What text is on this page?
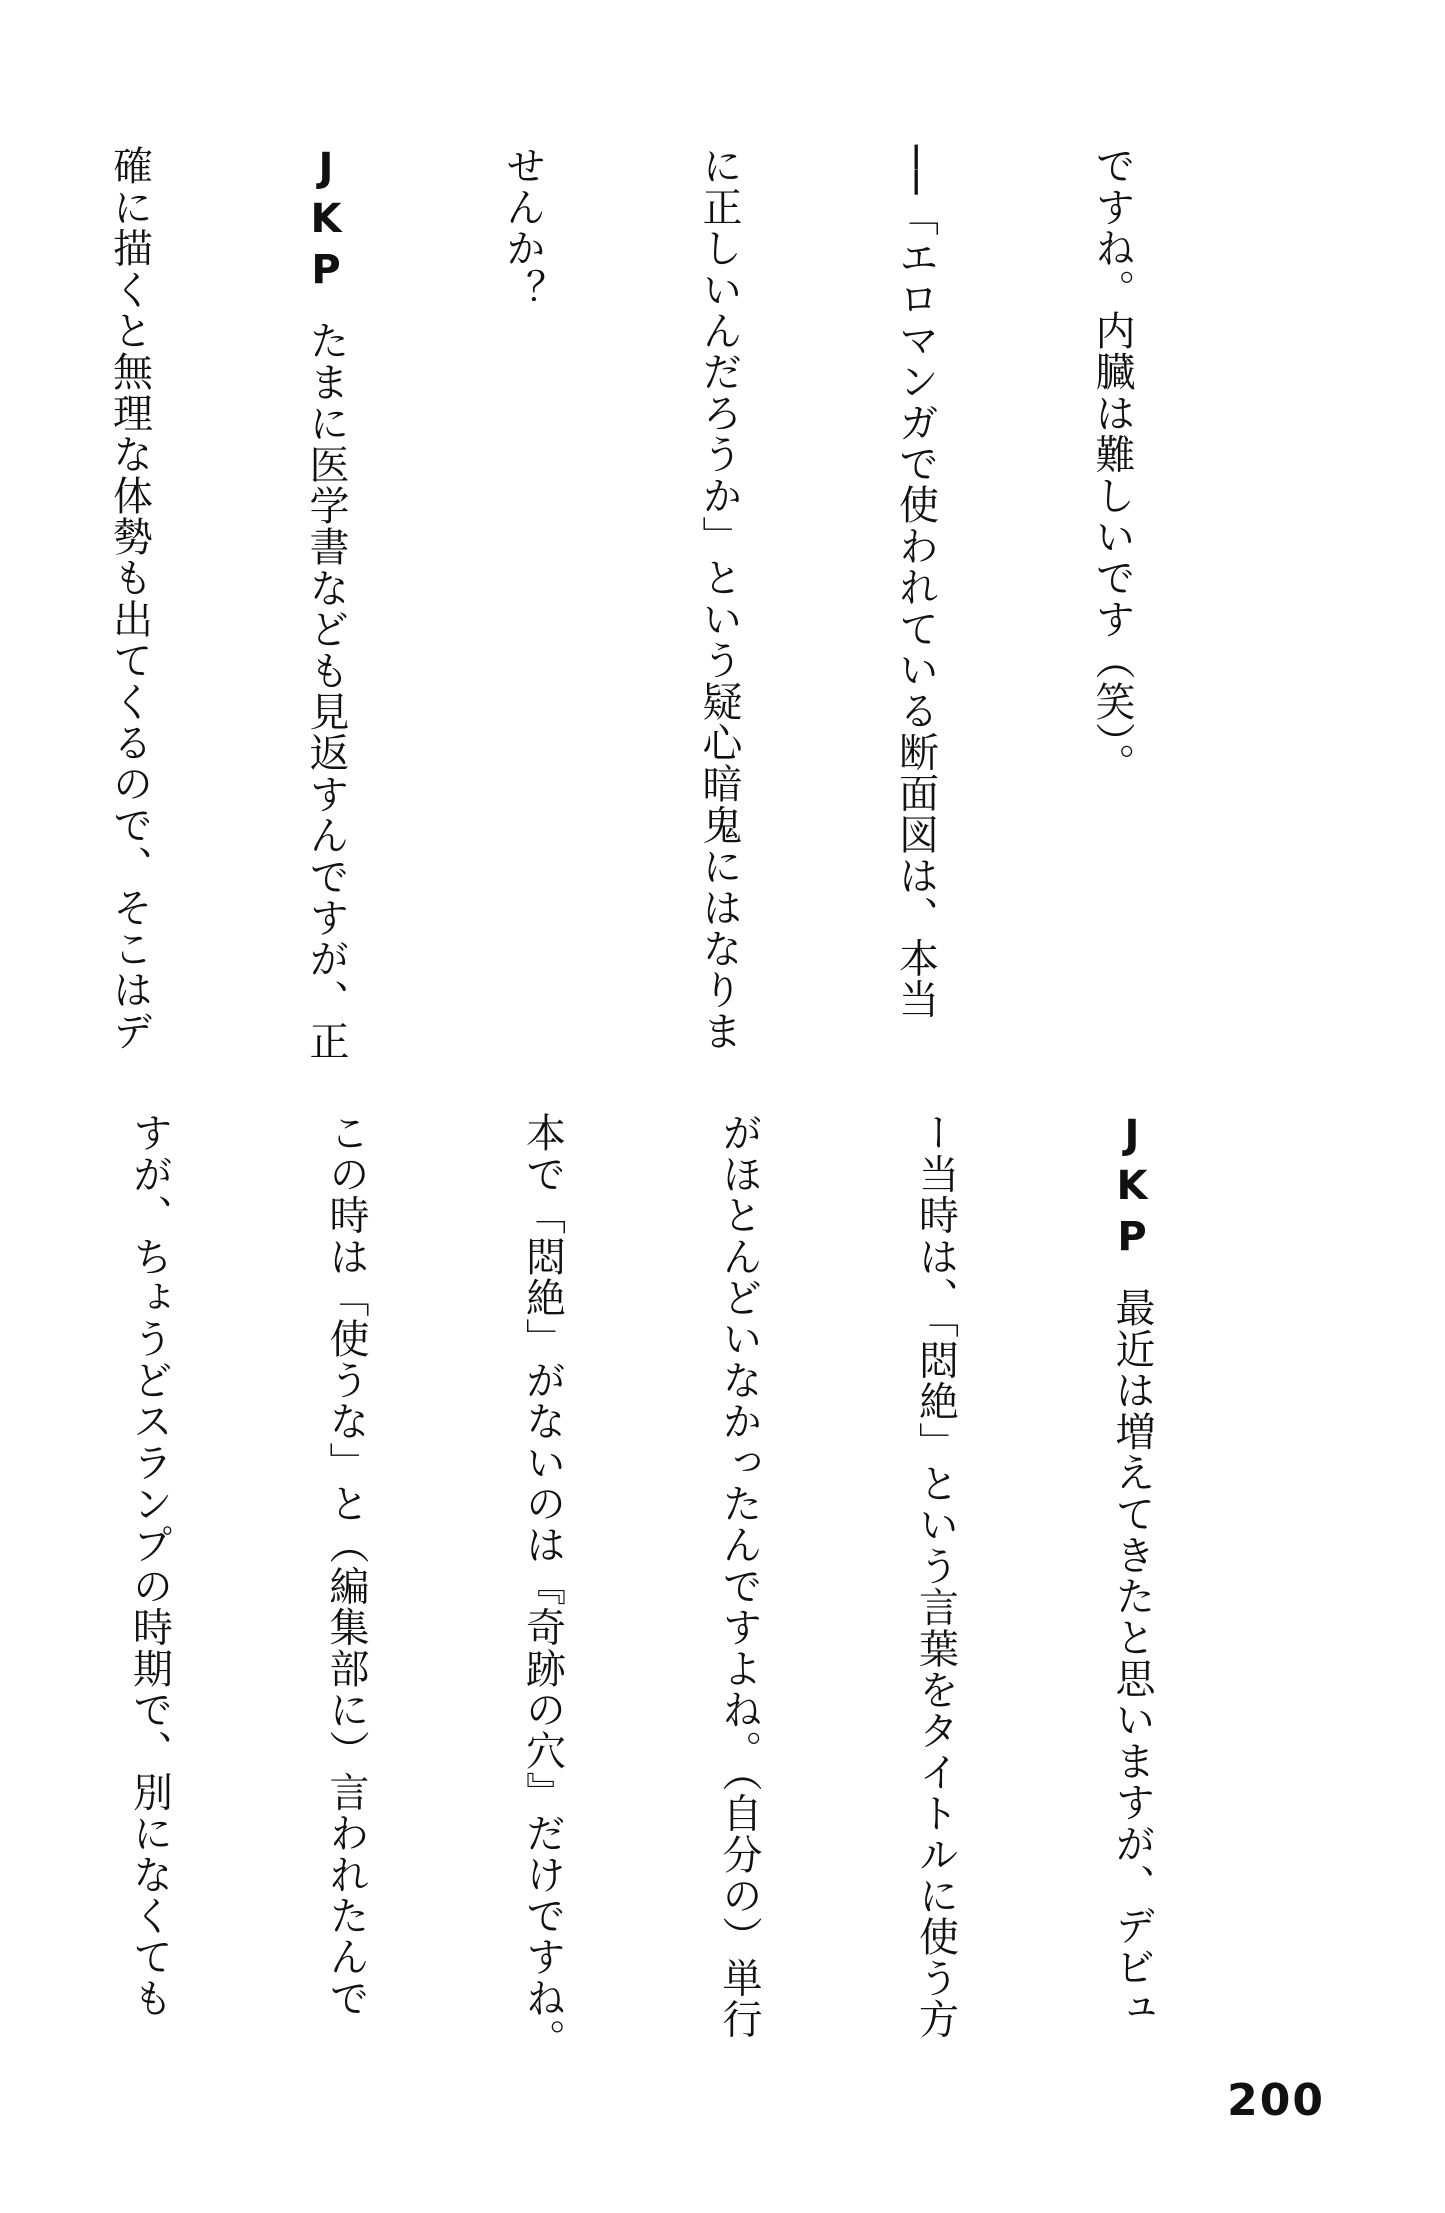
ですね。内臓は難しいです（笑）。

──「エロマンガで使われている断面図は、本当

に正しいんだろうか」という疑心暗鬼にはなりま

せんか？

JKPたまに医学書なども見返すんですが、正

確に描くと無理な体勢も出てくるので、そこはデ

JKP最近は増えてきたと思いますが、デビュ

ー当時は、「悶絶」という言葉をタイトルに使う方

がほとんどいなかったんですよね。（自分の）単行

本で「悶絶」がないのは『奇跡の穴』だけですね。

この時は「使うな」と（編集部に）言われたんで

すが、ちょうどスランプの時期で、別になくても

200
